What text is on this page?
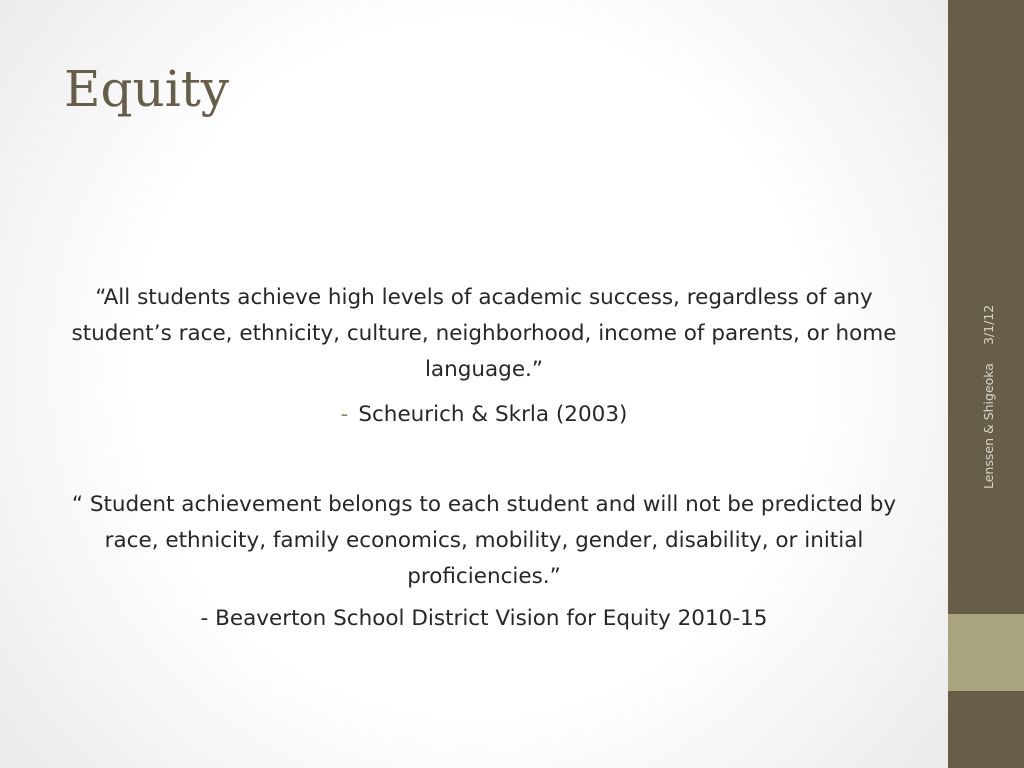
Equity

“All students achieve high levels of academic success, regardless of any student’s race, ethnicity, culture, neighborhood, income of parents, or home language.”

- Scheurich & Skrla (2003)

“ Student achievement belongs to each student and will not be predicted by race, ethnicity, family economics, mobility, gender, disability, or initial proficiencies.”

- Beaverton School District Vision for Equity 2010-15

Lenssen & Shigeoka3/1/12
